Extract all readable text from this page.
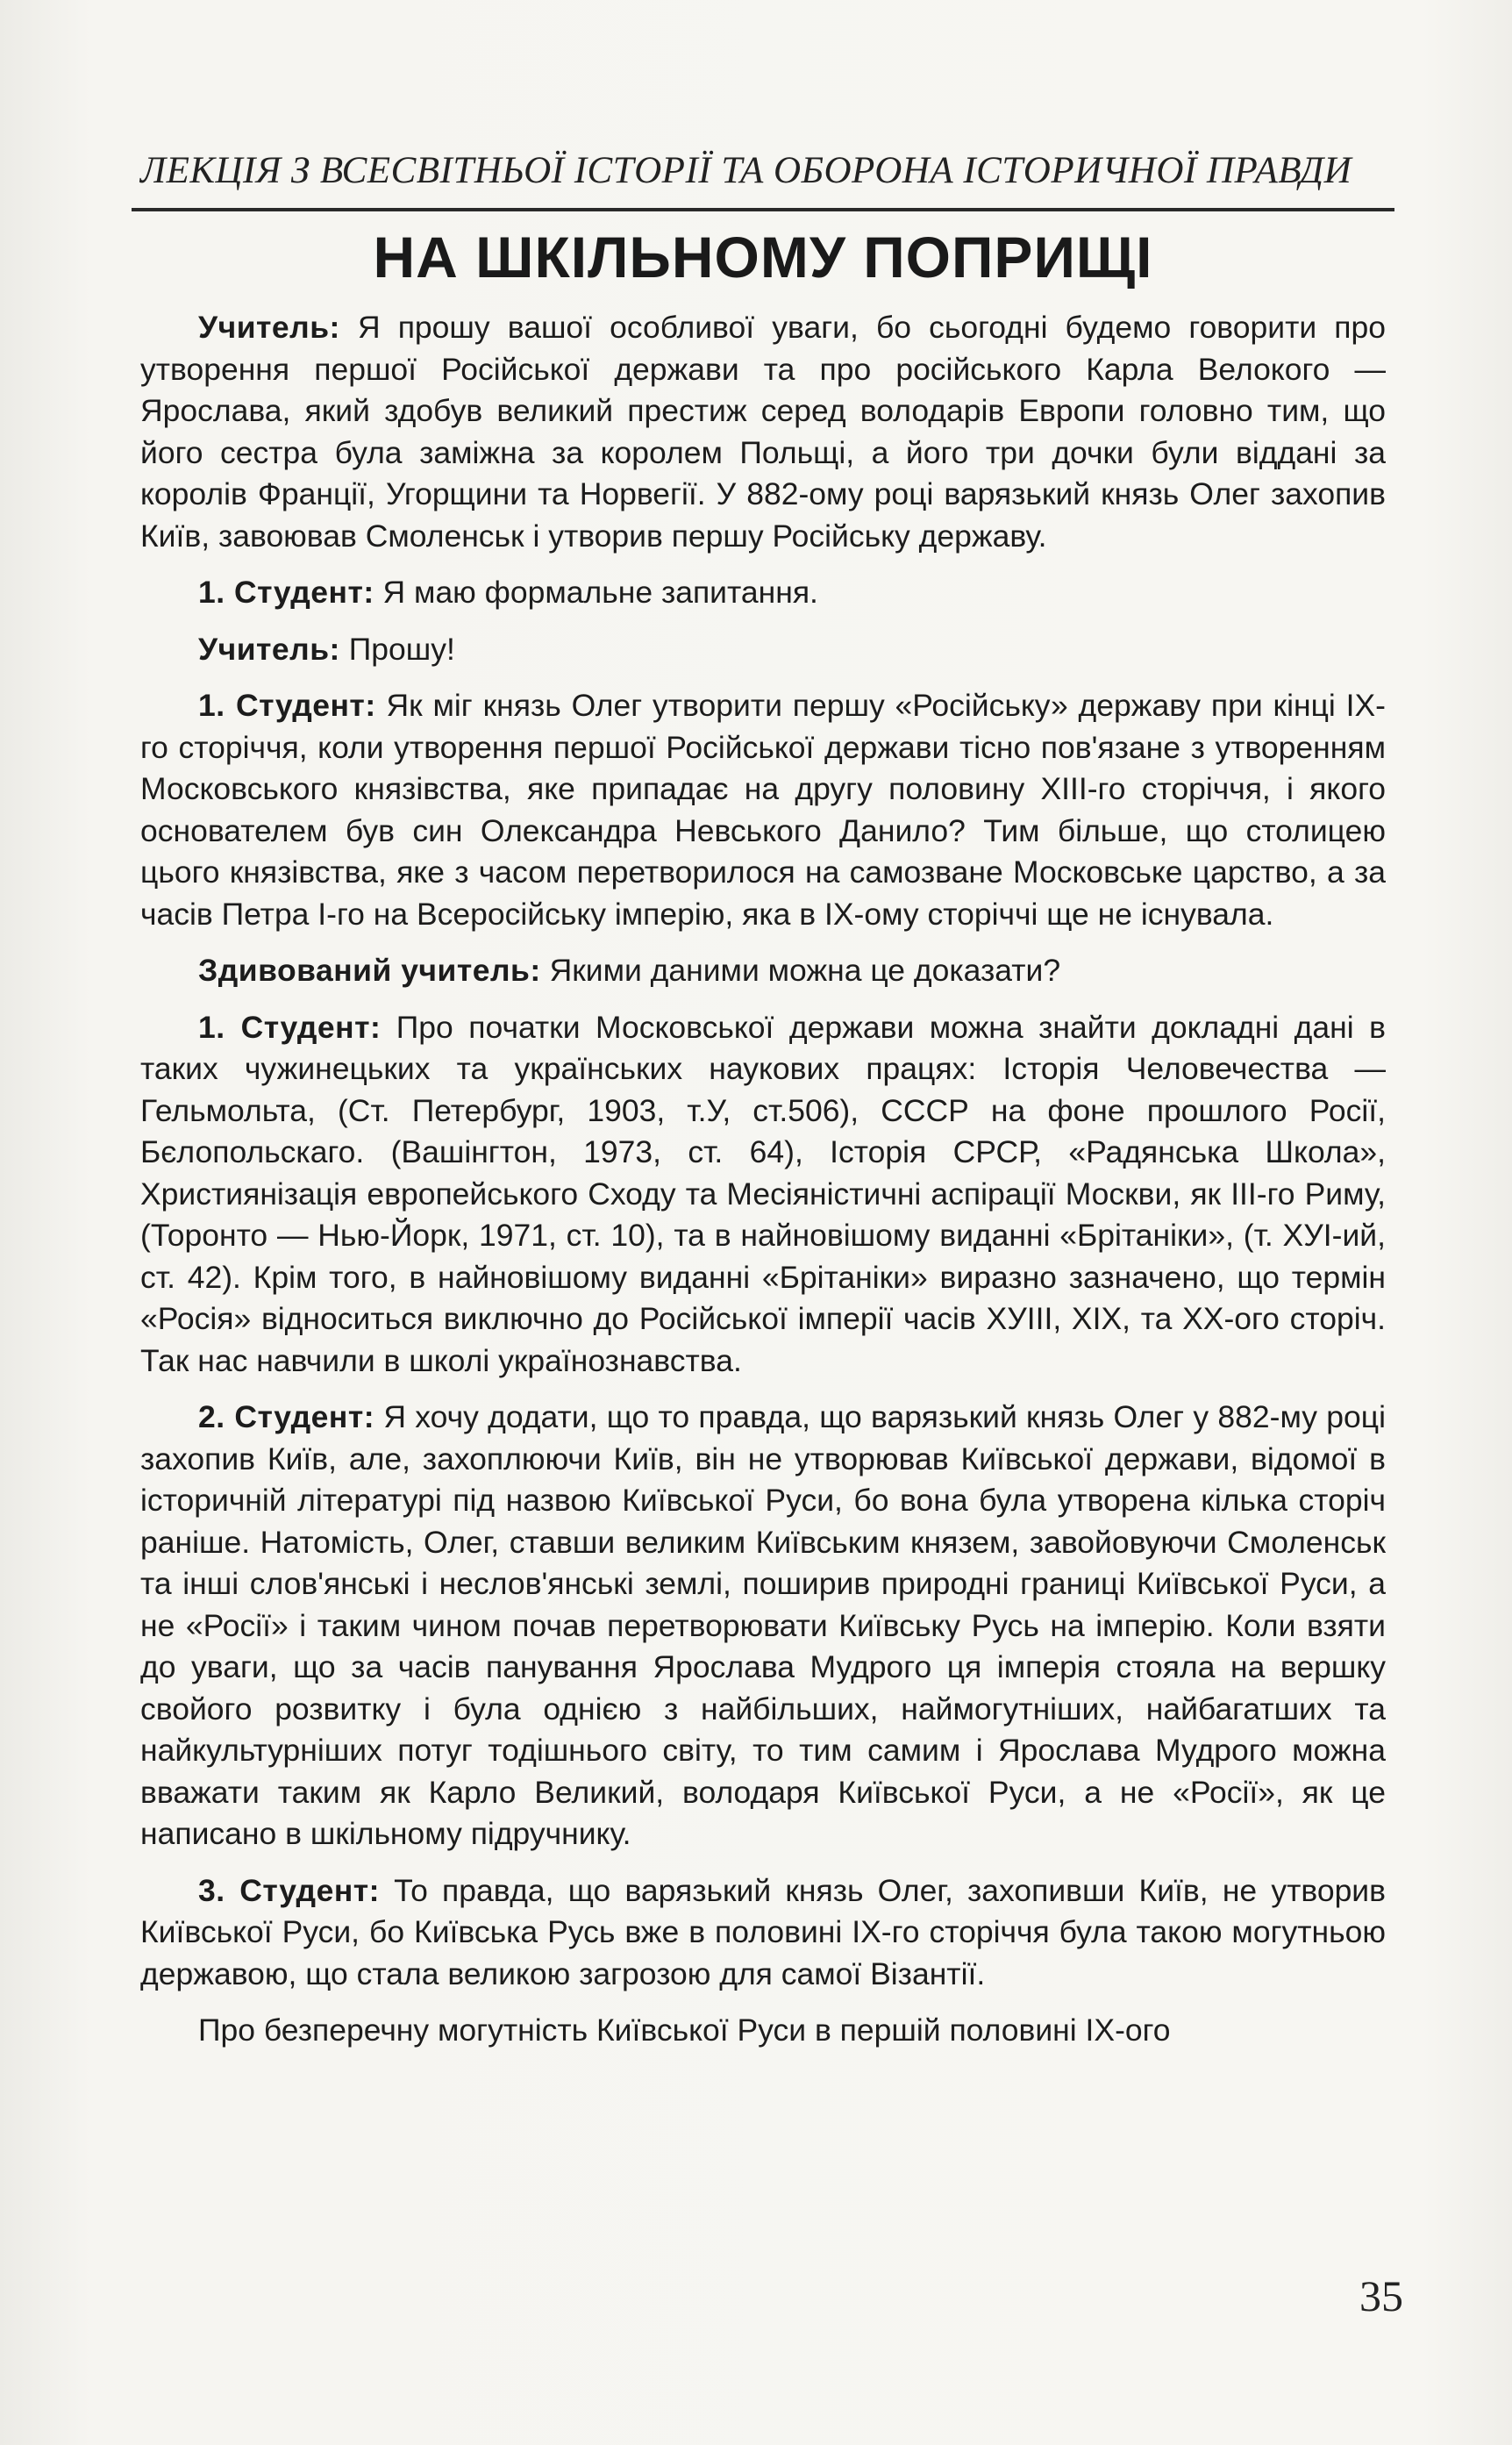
ЛЕКЦІЯ З ВСЕСВІТНЬОЇ ІСТОРІЇ ТА ОБОРОНА ІСТОРИЧНОЇ ПРАВДИ
НА ШКІЛЬНОМУ ПОПРИЩІ

Учитель: Я прошу вашої особливої уваги, бо сьогодні будемо говорити про утворення першої Російської держави та про російського Карла Велокого — Ярослава, який здобув великий престиж серед володарів Европи головно тим, що його сестра була заміжна за королем Польщі, а його три дочки були віддані за королів Франції, Угорщини та Норвегії. У 882-ому році варязький князь Олег захопив Київ, завоював Смоленськ і утворив першу Російську державу.

1. Студент: Я маю формальне запитання.

Учитель: Прошу!

1. Студент: Як міг князь Олег утворити першу «Російську» державу при кінці IX-го сторіччя, коли утворення першої Російської держави тісно пов'язане з утворенням Московського князівства, яке припадає на другу половину XIII-го сторіччя, і якого основателем був син Олександра Невського Данило? Тим більше, що столицею цього князівства, яке з часом перетворилося на самозване Московське царство, а за часів Петра I-го на Всеросійську імперію, яка в IX-ому сторіччі ще не існувала.

Здивований учитель: Якими даними можна це доказати?

1. Студент: Про початки Московської держави можна знайти докладні дані в таких чужинецьких та українських наукових працях: Історія Человечества — Гельмольта, (Ст. Петербург, 1903, т.У, ст.506), СССР на фоне прошлого Росії, Бєлопольскаго. (Вашінгтон, 1973, ст. 64), Історія СРСР, «Радянська Школа», Християнізація европейського Сходу та Месіяністичні аспірації Москви, як III-го Риму, (Торонто — Нью-Йорк, 1971, ст. 10), та в найновішому виданні «Брітаніки», (т. XУІ-ий, ст. 42). Крім того, в найновішому виданні «Брітаніки» виразно зазначено, що термін «Росія» відноситься виключно до Російської імперії часів XУIII, XIX, та XX-ого сторіч. Так нас навчили в школі українознавства.

2. Студент: Я хочу додати, що то правда, що варязький князь Олег у 882-му році захопив Київ, але, захоплюючи Київ, він не утворював Київської держави, відомої в історичній літературі під назвою Київської Руси, бо вона була утворена кілька сторіч раніше. Натомість, Олег, ставши великим Київським князем, завойовуючи Смоленськ та інші слов'янські і неслов'янські землі, поширив природні границі Київської Руси, а не «Росії» і таким чином почав перетворювати Київську Русь на імперію. Коли взяти до уваги, що за часів панування Ярослава Мудрого ця імперія стояла на вершку свойого розвитку і була однією з найбільших, наймогутніших, найбагатших та найкультурніших потуг тодішнього світу, то тим самим і Ярослава Мудрого можна вважати таким як Карло Великий, володаря Київської Руси, а не «Росії», як це написано в шкільному підручнику.

3. Студент: То правда, що варязький князь Олег, захопивши Київ, не утворив Київської Руси, бо Київська Русь вже в половині IX-го сторіччя була такою могутньою державою, що стала великою загрозою для самої Візантії.

Про безперечну могутність Київської Руси в першій половині IX-ого

35
